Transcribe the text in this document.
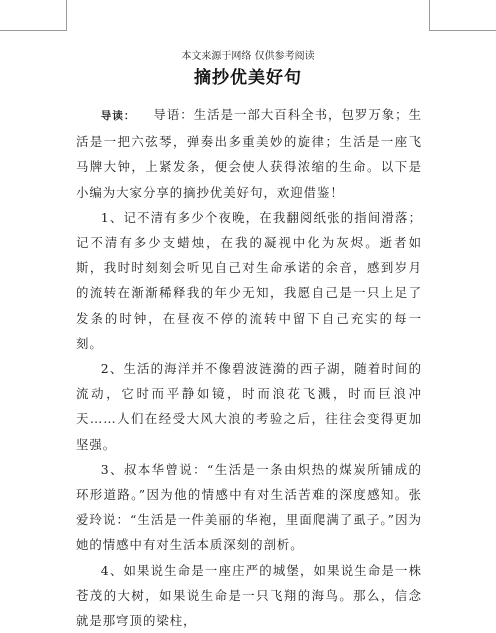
本文来源于网络 仅供参考阅读
摘抄优美好句

导读： 导语：生活是一部大百科全书，包罗万象；生活是一把六弦琴，弹奏出多重美妙的旋律；生活是一座飞马牌大钟，上紧发条，便会使人获得浓缩的生命。以下是小编为大家分享的摘抄优美好句，欢迎借鉴！

1、记不清有多少个夜晚，在我翻阅纸张的指间滑落；记不清有多少支蜡烛，在我的凝视中化为灰烬。逝者如斯，我时时刻刻会听见自己对生命承诺的余音，感到岁月的流转在渐渐稀释我的年少无知，我愿自己是一只上足了发条的时钟，在昼夜不停的流转中留下自己充实的每一刻。

2、生活的海洋并不像碧波涟漪的西子湖，随着时间的流动，它时而平静如镜，时而浪花飞溅，时而巨浪冲天……人们在经受大风大浪的考验之后，往往会变得更加坚强。

3、叔本华曾说：“生活是一条由炽热的煤炭所铺成的环形道路。”因为他的情感中有对生活苦难的深度感知。张爱玲说：“生活是一件美丽的华袍，里面爬满了虱子。”因为她的情感中有对生活本质深刻的剖析。

4、如果说生命是一座庄严的城堡，如果说生命是一株苍茂的大树，如果说生命是一只飞翔的海鸟。那么，信念就是那穹顶的梁柱，
